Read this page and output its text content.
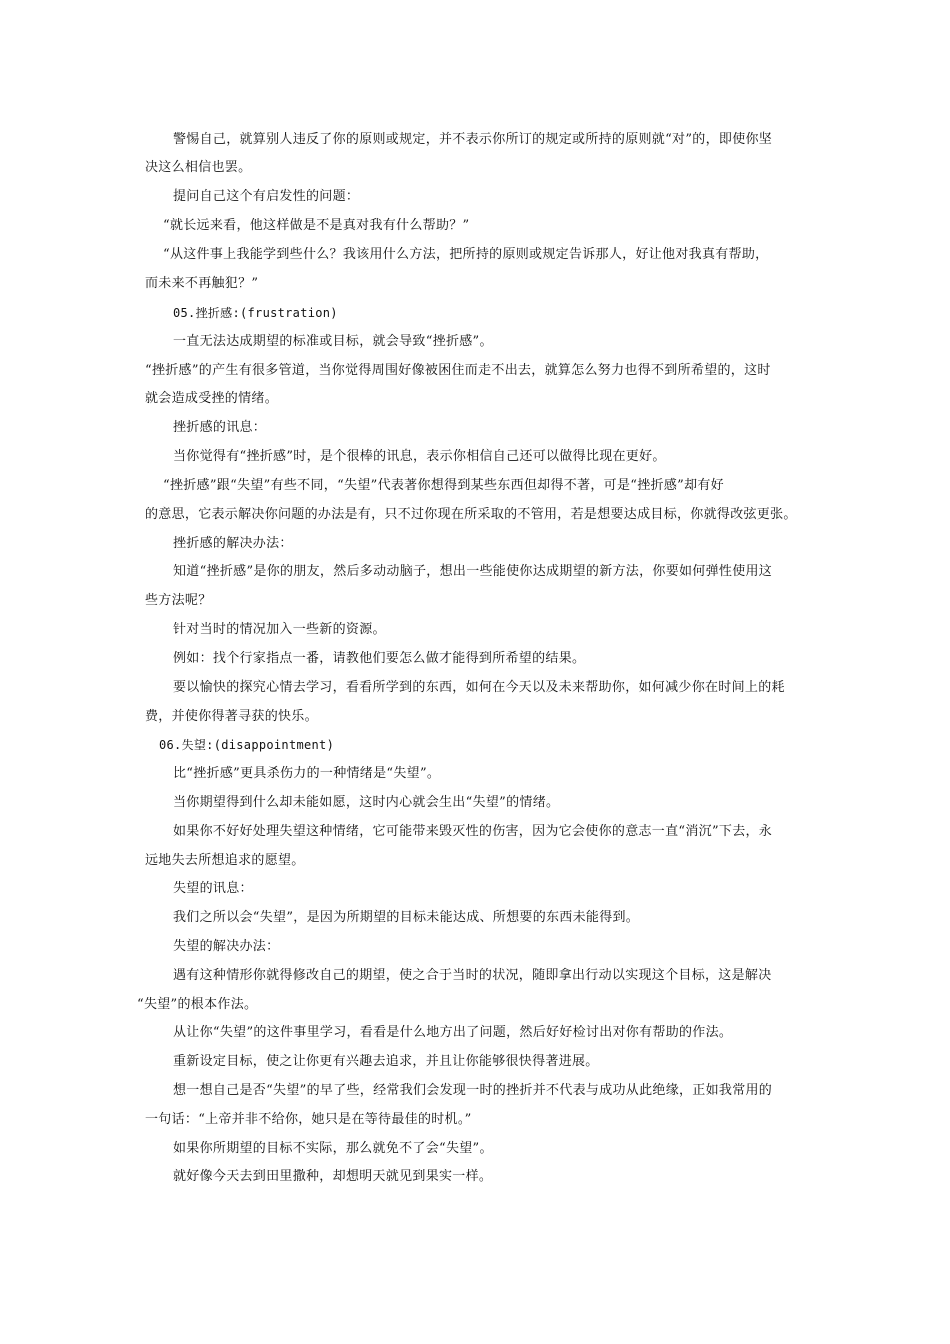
警惕自己，就算别人违反了你的原则或规定，并不表示你所订的规定或所持的原则就“对”的，即使你坚
决这么相信也罢。
提问自己这个有启发性的问题：
“就长远来看，他这样做是不是真对我有什么帮助？”
“从这件事上我能学到些什么？我该用什么方法，把所持的原则或规定告诉那人，好让他对我真有帮助，
而未来不再触犯？”
05.挫折感:(frustration)
一直无法达成期望的标准或目标，就会导致“挫折感”。
“挫折感”的产生有很多管道，当你觉得周围好像被困住而走不出去，就算怎么努力也得不到所希望的，这时
就会造成受挫的情绪。
挫折感的讯息：
当你觉得有“挫折感”时，是个很棒的讯息，表示你相信自己还可以做得比现在更好。
“挫折感”跟“失望”有些不同，“失望”代表著你想得到某些东西但却得不著，可是“挫折感”却有好
的意思，它表示解决你问题的办法是有，只不过你现在所采取的不管用，若是想要达成目标，你就得改弦更张。
挫折感的解决办法：
知道“挫折感”是你的朋友，然后多动动脑子，想出一些能使你达成期望的新方法，你要如何弹性使用这
些方法呢？
针对当时的情况加入一些新的资源。
例如：找个行家指点一番，请教他们要怎么做才能得到所希望的结果。
要以愉快的探究心情去学习，看看所学到的东西，如何在今天以及未来帮助你，如何减少你在时间上的耗
费，并使你得著寻获的快乐。
06.失望:(disappointment)
比“挫折感”更具杀伤力的一种情绪是“失望”。
当你期望得到什么却未能如愿，这时内心就会生出“失望”的情绪。
如果你不好好处理失望这种情绪，它可能带来毁灭性的伤害，因为它会使你的意志一直“消沉”下去，永
远地失去所想追求的愿望。
失望的讯息：
我们之所以会“失望”，是因为所期望的目标未能达成、所想要的东西未能得到。
失望的解决办法：
遇有这种情形你就得修改自己的期望，使之合于当时的状况，随即拿出行动以实现这个目标，这是解决
“失望”的根本作法。
从让你“失望”的这件事里学习，看看是什么地方出了问题，然后好好检讨出对你有帮助的作法。
重新设定目标，使之让你更有兴趣去追求，并且让你能够很快得著进展。
想一想自己是否“失望”的早了些，经常我们会发现一时的挫折并不代表与成功从此绝缘，正如我常用的
一句话：“上帝并非不给你，她只是在等待最佳的时机。”
如果你所期望的目标不实际，那么就免不了会“失望”。
就好像今天去到田里撒种，却想明天就见到果实一样。
